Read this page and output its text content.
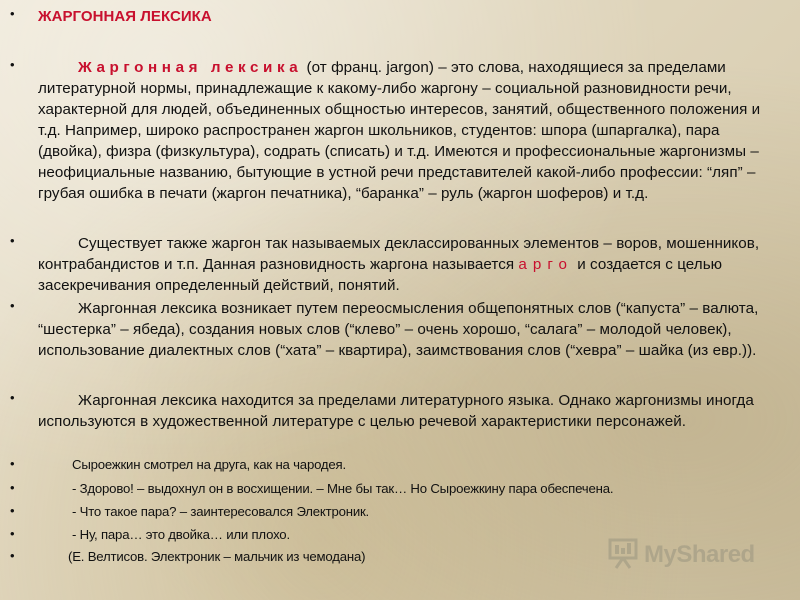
• ЖАРГОННАЯ ЛЕКСИКА
•	Жаргонная лексика (от франц. jargon) – это слова, находящиеся за пределами литературной нормы, принадлежащие к какому-либо жаргону – социальной разновидности речи, характерной для людей, объединенных общностью интересов, занятий, общественного положения и т.д. Например, широко распространен жаргон школьников, студентов: шпора (шпаргалка), пара (двойка), физра (физкультура), содрать (списать) и т.д. Имеются и профессиональные жаргонизмы – неофициальные названию, бытующие в устной речи представителей какой-либо профессии: “ляп” – грубая ошибка в печати (жаргон печатника), “баранка” – руль (жаргон шоферов) и т.д.
•	Существует также жаргон так называемых деклассированных элементов – воров, мошенников, контрабандистов и т.п. Данная разновидность жаргона называется арго и создается с целью засекречивания определенный действий, понятий.
•	Жаргонная лексика возникает путем переосмысления общепонятных слов (“капуста” – валюта, “шестерка” – ябеда), создания новых слов (“клево” – очень хорошо, “салага” – молодой человек), использование диалектных слов (“хата” – квартира), заимствования слов (“хевра” – шайка (из евр.)).
•	Жаргонная лексика находится за пределами литературного языка. Однако жаргонизмы иногда используются в художественной литературе с целью речевой характеристики персонажей.
•	Сыроежкин смотрел на друга, как на чародея.
•	- Здорово! – выдохнул он в восхищении. – Мне бы так… Но Сыроежкину пара обеспечена.
•	- Что такое пара? – заинтересовался Электроник.
•	- Ну, пара… это двойка… или плохо.
•	(Е. Велтисов. Электроник – мальчик из чемодана)	MyShared
